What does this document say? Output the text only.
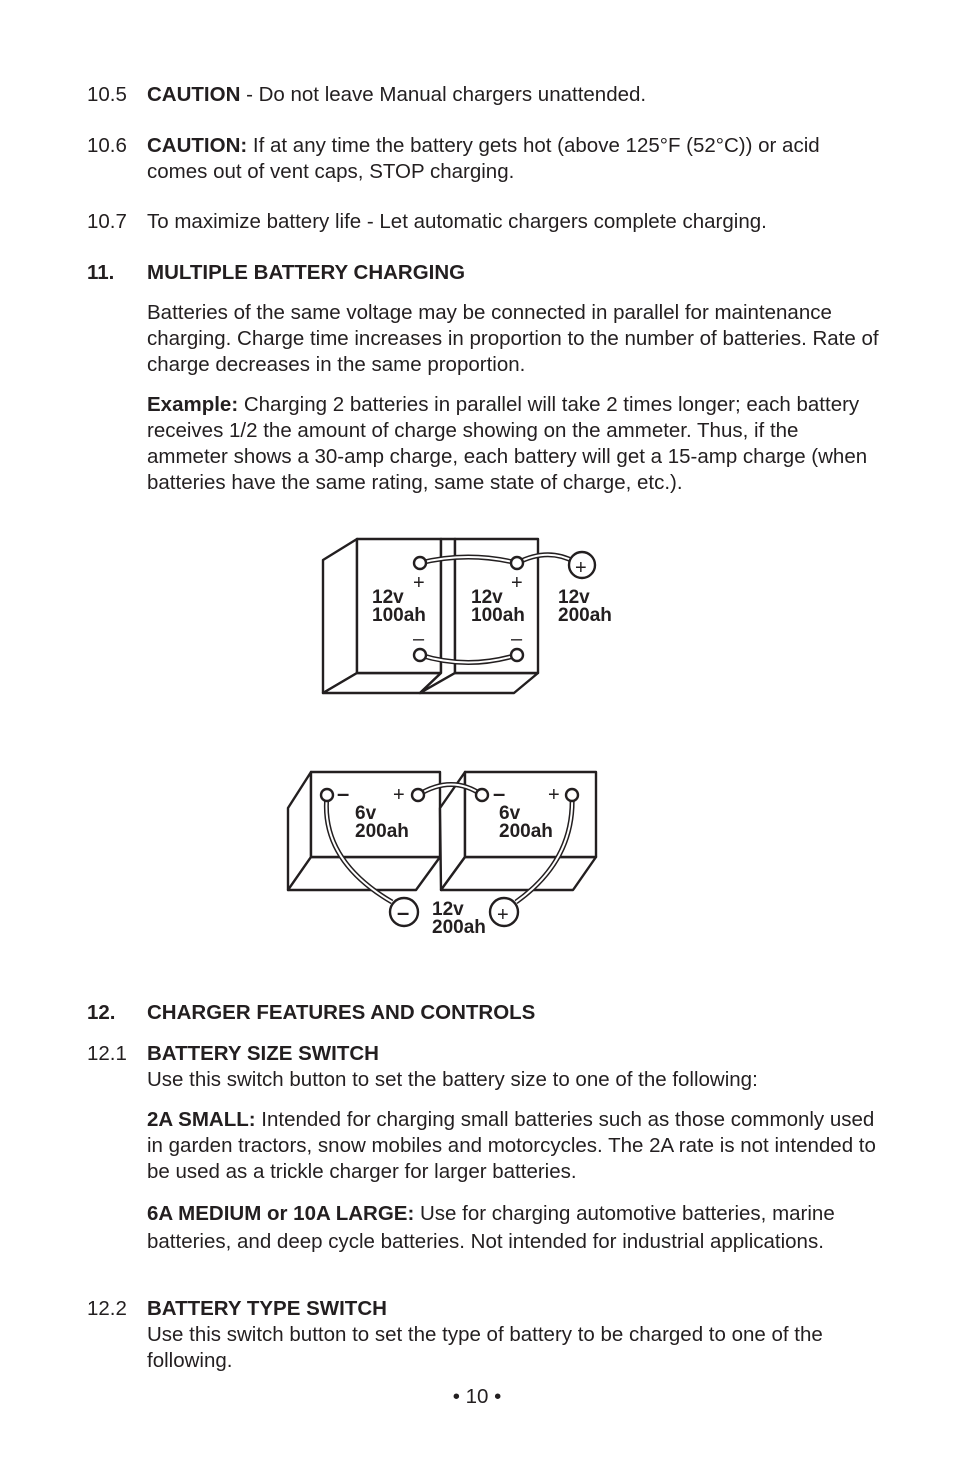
10.5 CAUTION - Do not leave Manual chargers unattended.
10.6 CAUTION: If at any time the battery gets hot (above 125°F (52°C)) or acid comes out of vent caps, STOP charging.
10.7 To maximize battery life - Let automatic chargers complete charging.
11. MULTIPLE BATTERY CHARGING
Batteries of the same voltage may be connected in parallel for maintenance charging. Charge time increases in proportion to the number of batteries. Rate of charge decreases in the same proportion.
Example: Charging 2 batteries in parallel will take 2 times longer; each battery receives 1/2 the amount of charge showing on the ammeter. Thus, if the ammeter shows a 30-amp charge, each battery will get a 15-amp charge (when batteries have the same rating, same state of charge, etc.).
+	+
+
–	–
12v
100ah
12v
100ah
12v
200ah
– +	– +
–	+
6v
200ah
6v
200ah
12v
200ah
12. CHARGER FEATURES AND CONTROLS
12.1 BATTERY SIZE SWITCH
Use this switch button to set the battery size to one of the following:
2A SMALL: Intended for charging small batteries such as those commonly used in garden tractors, snow mobiles and motorcycles. The 2A rate is not intended to be used as a trickle charger for larger batteries.
6A MEDIUM or 10A LARGE: Use for charging automotive batteries, marine batteries, and deep cycle batteries. Not intended for industrial applications.
12.2 BATTERY TYPE SWITCH
Use this switch button to set the type of battery to be charged to one of the following.
• 10 •
